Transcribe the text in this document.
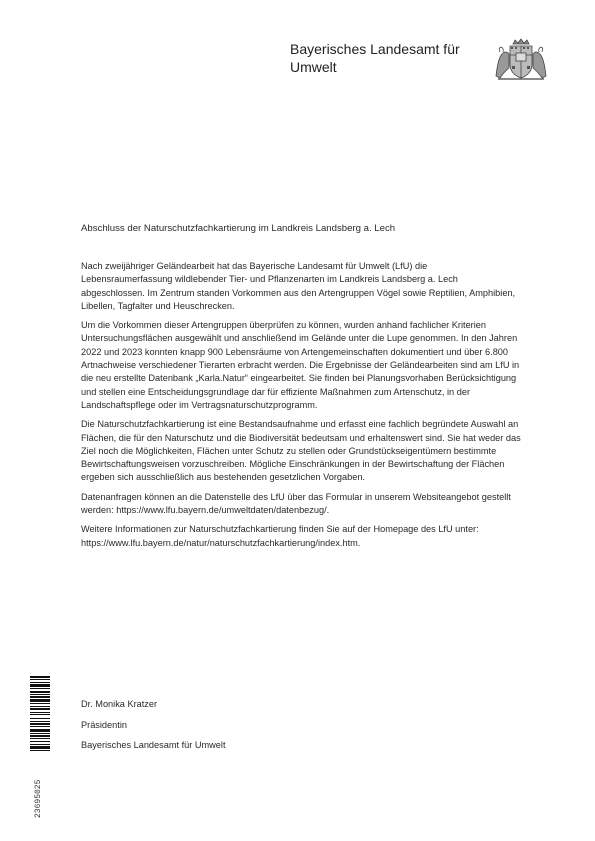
Bayerisches Landesamt für
Umwelt

Abschluss der Naturschutzfachkartierung im Landkreis Landsberg a. Lech

Nach zweijähriger Geländearbeit hat das Bayerische Landesamt für Umwelt (LfU) die Lebensraumerfassung wildlebender Tier- und Pflanzenarten im Landkreis Landsberg a. Lech abgeschlossen. Im Zentrum standen Vorkommen aus den Artengruppen Vögel sowie Reptilien, Amphibien, Libellen, Tagfalter und Heuschrecken.

Um die Vorkommen dieser Artengruppen überprüfen zu können, wurden anhand fachlicher Kriterien Untersuchungsflächen ausgewählt und anschließend im Gelände unter die Lupe genommen. In den Jahren 2022 und 2023 konnten knapp 900 Lebensräume von Artengemeinschaften dokumentiert und über 6.800 Artnachweise verschiedener Tierarten erbracht werden. Die Ergebnisse der Geländearbeiten sind am LfU in die neu erstellte Datenbank „Karla.Natur“ eingearbeitet. Sie finden bei Planungsvorhaben Berücksichtigung und stellen eine Entscheidungsgrundlage dar für effiziente Maßnahmen zum Artenschutz, in der Landschaftspflege oder im Vertragsnaturschutzprogramm.

Die Naturschutzfachkartierung ist eine Bestandsaufnahme und erfasst eine fachlich begründete Auswahl an Flächen, die für den Naturschutz und die Biodiversität bedeutsam und erhaltenswert sind. Sie hat weder das Ziel noch die Möglichkeiten, Flächen unter Schutz zu stellen oder Grundstückseigentümern bestimmte Bewirtschaftungsweisen vorzuschreiben. Mögliche Einschränkungen in der Bewirtschaftung der Flächen ergeben sich ausschließlich aus bestehenden gesetzlichen Vorgaben.

Datenanfragen können an die Datenstelle des LfU über das Formular in unserem Websiteangebot gestellt werden: https://www.lfu.bayern.de/umweltdaten/datenbezug/.

Weitere Informationen zur Naturschutzfachkartierung finden Sie auf der Homepage des LfU unter: https://www.lfu.bayern.de/natur/naturschutzfachkartierung/index.htm.

Dr. Monika Kratzer
Präsidentin
Bayerisches Landesamt für Umwelt
23695025
